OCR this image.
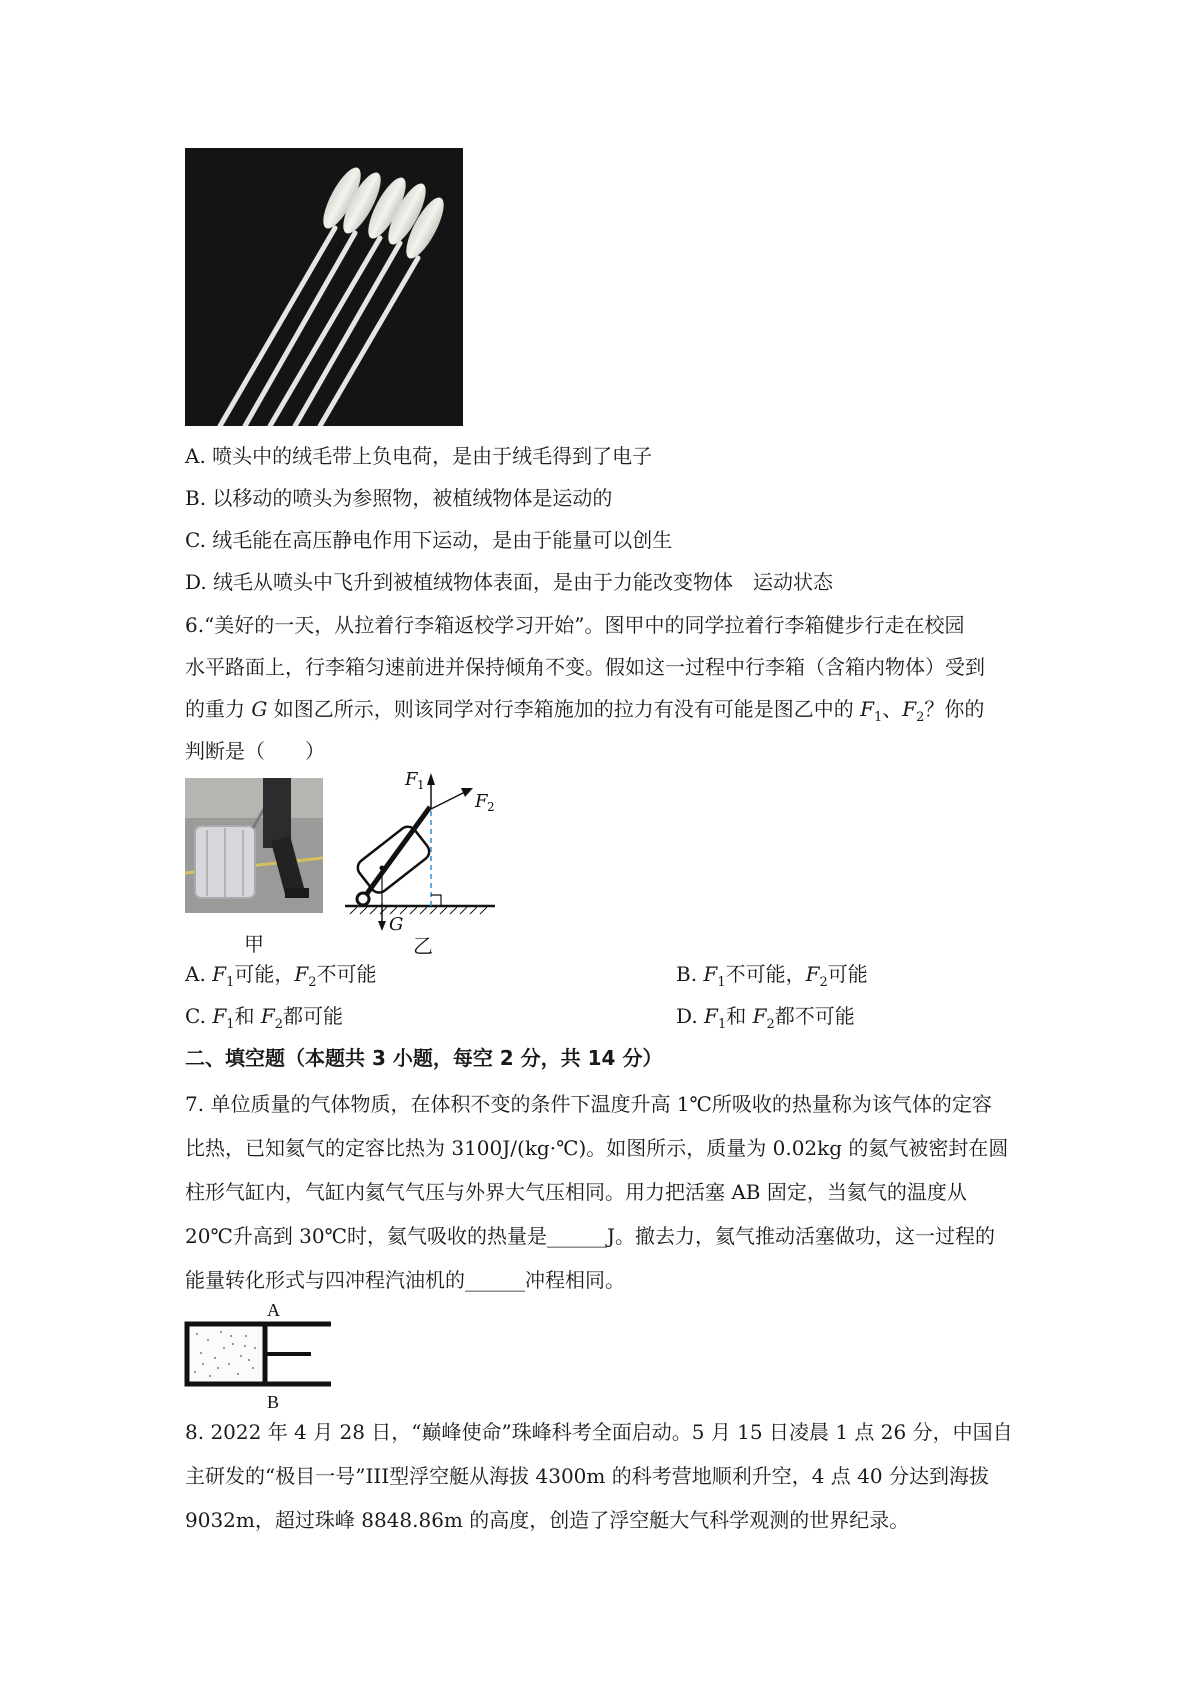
A. 喷头中的绒毛带上负电荷，是由于绒毛得到了电子
B. 以移动的喷头为参照物，被植绒物体是运动的
C. 绒毛能在高压静电作用下运动，是由于能量可以创生
D. 绒毛从喷头中飞升到被植绒物体表面，是由于力能改变物体　运动状态
6.“美好的一天，从拉着行李箱返校学习开始”。图甲中的同学拉着行李箱健步行走在校园
水平路面上，行李箱匀速前进并保持倾角不变。假如这一过程中行李箱（含箱内物体）受到
的重力 G 如图乙所示，则该同学对行李箱施加的拉力有没有可能是图乙中的 $F_1$、$F_2$？你的
判断是（　　）
甲
G
F 1
F 2
乙
A. $F_1$可能，$F_2$不可能	B. $F_1$不可能，$F_2$可能
C. $F_1$和 $F_2$都可能	D. $F_1$和 $F_2$都不可能
二、填空题（本题共 3 小题，每空 2 分，共 14 分）
7. 单位质量的气体物质，在体积不变的条件下温度升高 1℃所吸收的热量称为该气体的定容
比热，已知氦气的定容比热为 3100J/(kg·℃)。如图所示，质量为 0.02kg 的氦气被密封在圆
柱形气缸内，气缸内氦气气压与外界大气压相同。用力把活塞 AB 固定，当氦气的温度从
20℃升高到 30℃时，氦气吸收的热量是______J。撤去力，氦气推动活塞做功，这一过程的
能量转化形式与四冲程汽油机的______冲程相同。
A
B
8. 2022 年 4 月 28 日，“巅峰使命”珠峰科考全面启动。5 月 15 日凌晨 1 点 26 分，中国自
主研发的“极目一号”III型浮空艇从海拔 4300m 的科考营地顺利升空，4 点 40 分达到海拔
9032m，超过珠峰 8848.86m 的高度，创造了浮空艇大气科学观测的世界纪录。
